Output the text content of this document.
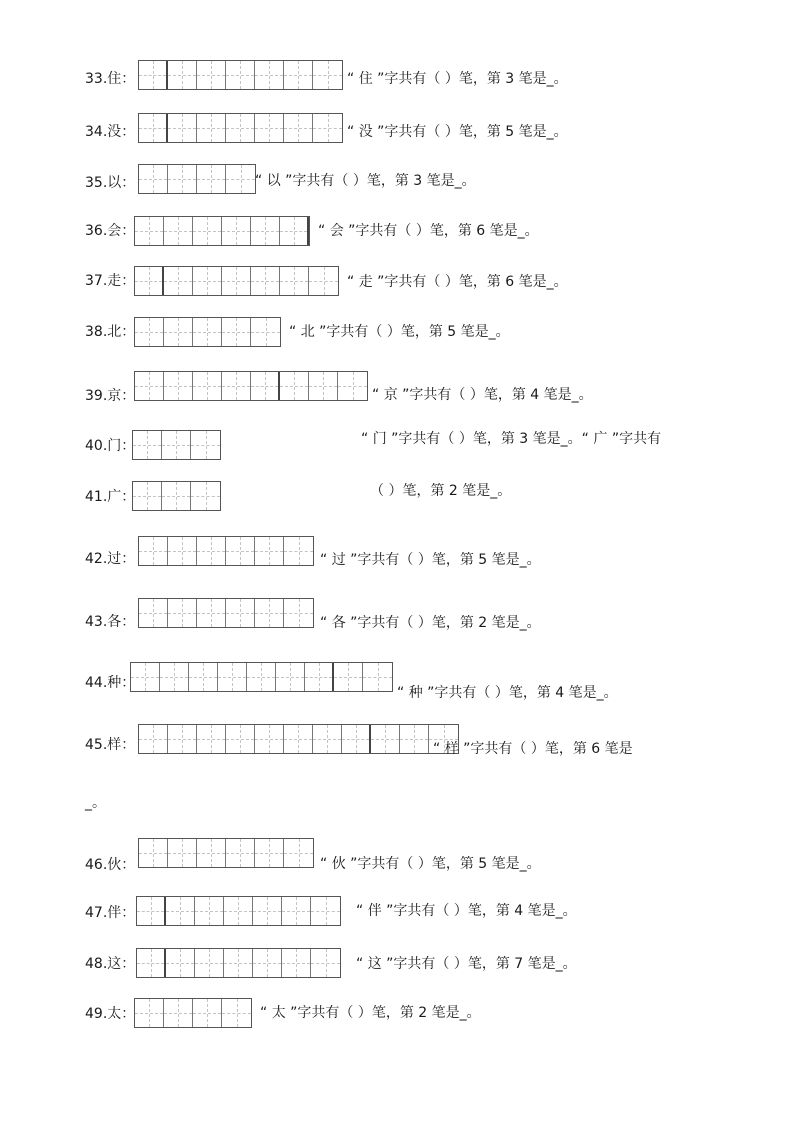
33.住：	“ 住 ”字共有（ ）笔，第 3 笔是_。
34.没：	“ 没 ”字共有（ ）笔，第 5 笔是_。
35.以：	“ 以 ”字共有（ ）笔，第 3 笔是_。
36.会：	“ 会 ”字共有（ ）笔，第 6 笔是_。
37.走：	“ 走 ”字共有（ ）笔，第 6 笔是_。
38.北：	“ 北 ”字共有（ ）笔，第 5 笔是_。
39.京：	“ 京 ”字共有（ ）笔，第 4 笔是_。
40.门：	“ 门 ”字共有（ ）笔，第 3 笔是_。“ 广 ”字共有
41.广：	（ ）笔，第 2 笔是_。
42.过：	“ 过 ”字共有（ ）笔，第 5 笔是_。
43.各：	“ 各 ”字共有（ ）笔，第 2 笔是_。
44.种：
“ 种 ”字共有（ ）笔，第 4 笔是_。
45.样：	“ 样 ”字共有（ ）笔，第 6 笔是
_。
46.伙：	“ 伙 ”字共有（ ）笔，第 5 笔是_。
47.伴：	“ 伴 ”字共有（ ）笔，第 4 笔是_。
48.这：	“ 这 ”字共有（ ）笔，第 7 笔是_。
49.太：	“ 太 ”字共有（ ）笔，第 2 笔是_。
